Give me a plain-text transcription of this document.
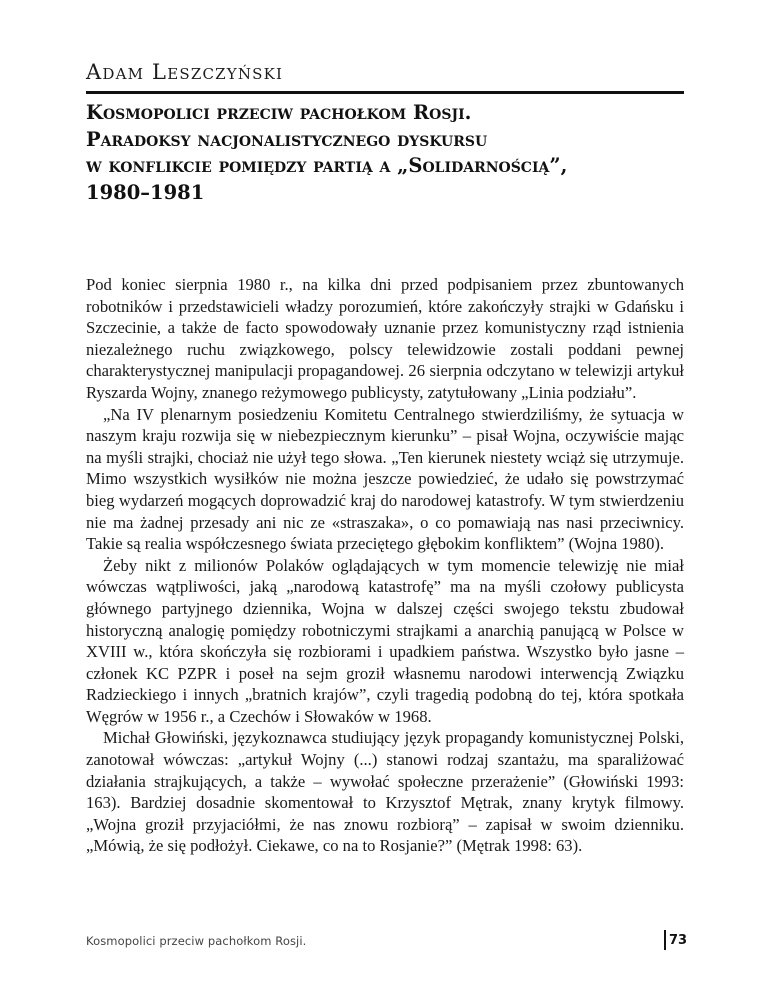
Adam Leszczyński
Kosmopolici przeciw pachołkom Rosji.
Paradoksy nacjonalistycznego dyskursu
w konflikcie pomiędzy partią a „Solidarnością”,
1980–1981

Pod koniec sierpnia 1980 r., na kilka dni przed podpisaniem przez zbuntowanych robotników i przedstawicieli władzy porozumień, które zakończyły strajki w Gdańsku i Szczecinie, a także de facto spowodowały uznanie przez komunistyczny rząd istnienia niezależnego ruchu związkowego, polscy telewidzowie zostali poddani pewnej charakterystycznej manipulacji propagandowej. 26 sierpnia odczytano w telewizji artykuł Ryszarda Wojny, znanego reżymowego publicysty, zatytułowany „Linia podziału”.

„Na IV plenarnym posiedzeniu Komitetu Centralnego stwierdziliśmy, że sytuacja w naszym kraju rozwija się w niebezpiecznym kierunku” – pisał Wojna, oczywiście mając na myśli strajki, chociaż nie użył tego słowa. „Ten kierunek niestety wciąż się utrzymuje. Mimo wszystkich wysiłków nie można jeszcze powiedzieć, że udało się powstrzymać bieg wydarzeń mogących doprowadzić kraj do narodowej katastrofy. W tym stwierdzeniu nie ma żadnej przesady ani nic ze «straszaka», o co pomawiają nas nasi przeciwnicy. Takie są realia współczesnego świata przeciętego głębokim konfliktem” (Wojna 1980).

Żeby nikt z milionów Polaków oglądających w tym momencie telewizję nie miał wówczas wątpliwości, jaką „narodową katastrofę” ma na myśli czołowy publicysta głównego partyjnego dziennika, Wojna w dalszej części swojego tekstu zbudował historyczną analogię pomiędzy robotniczymi strajkami a anarchią panującą w Polsce w XVIII w., która skończyła się rozbiorami i upadkiem państwa. Wszystko było jasne – członek KC PZPR i poseł na sejm groził własnemu narodowi interwencją Związku Radzieckiego i innych „bratnich krajów”, czyli tragedią podobną do tej, która spotkała Węgrów w 1956 r., a Czechów i Słowaków w 1968.

Michał Głowiński, językoznawca studiujący język propagandy komunistycznej Polski, zanotował wówczas: „artykuł Wojny (...) stanowi rodzaj szantażu, ma sparaliżować działania strajkujących, a także – wywołać społeczne przerażenie” (Głowiński 1993: 163). Bardziej dosadnie skomentował to Krzysztof Mętrak, znany krytyk filmowy. „Wojna groził przyjaciółmi, że nas znowu rozbiorą” – zapisał w swoim dzienniku. „Mówią, że się podłożył. Ciekawe, co na to Rosjanie?” (Mętrak 1998: 63).

Kosmopolici przeciw pachołkom Rosji.	73
